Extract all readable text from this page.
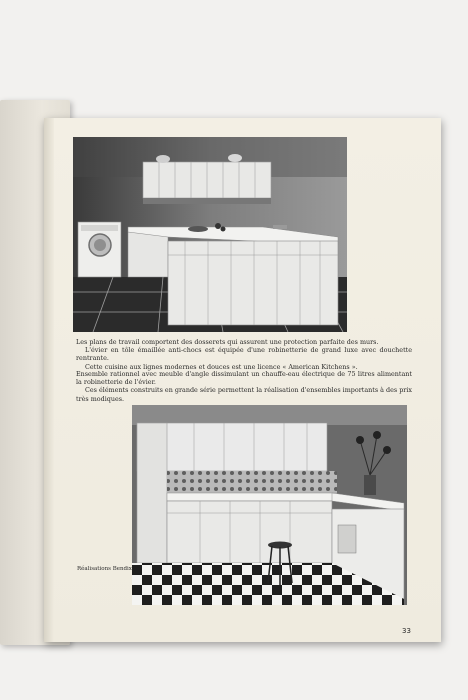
Les plans de travail comportent des dosserets qui assurent une protection parfaite des murs.

L'évier en tôle émaillée anti-chocs est équipée d'une robinetterie de grand luxe avec douchette rentrante.

Cette cuisine aux lignes modernes et douces est une licence « American Kitchens ».

Ensemble rationnel avec meuble d'angle dissimulant un chauffe-eau électrique de 75 litres alimentant la robinetterie de l'évier.

Ces éléments construits en grande série permettent la réalisation d'ensembles importants à des prix très modiques.

Réalisations Bendix.
33
